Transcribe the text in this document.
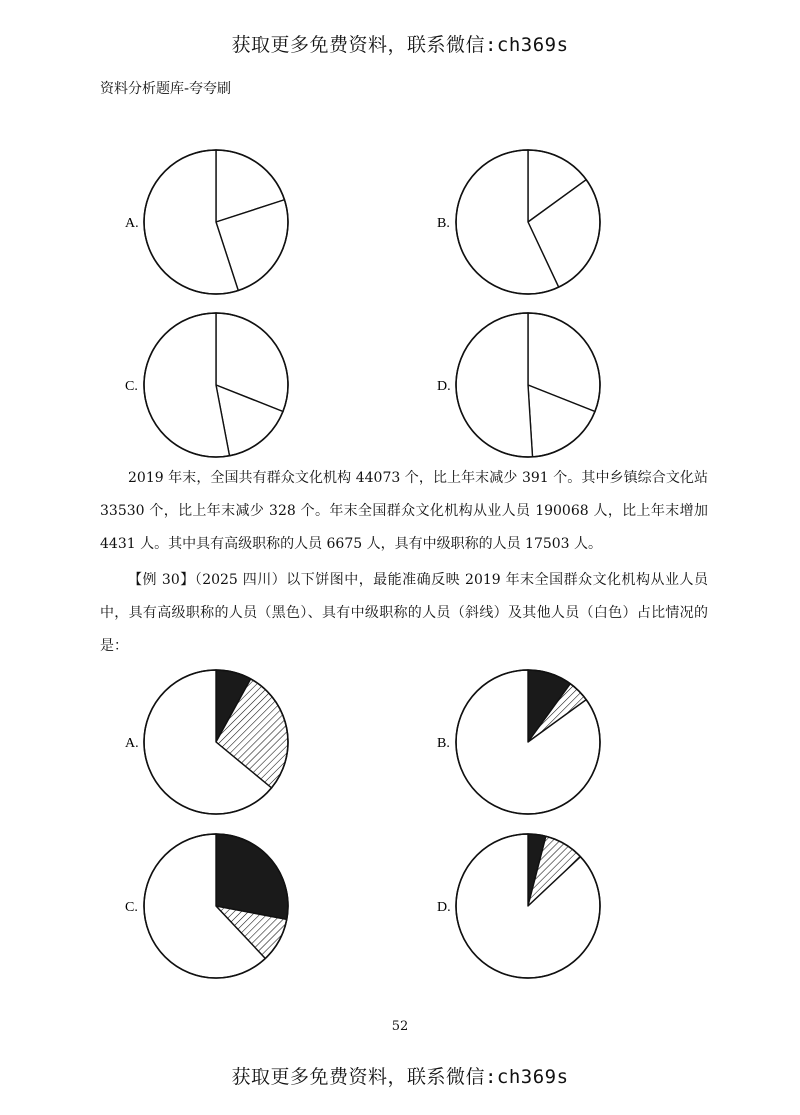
获取更多免费资料，联系微信:ch369s
资料分析题库-夸夸刷
A.	B.
C.	D.
A.	B.
C.	D.

2019 年末，全国共有群众文化机构 44073 个，比上年末减少 391 个。其中乡镇综合文化站 33530 个，比上年末减少 328 个。年末全国群众文化机构从业人员 190068 人，比上年末增加 4431 人。其中具有高级职称的人员 6675 人，具有中级职称的人员 17503 人。

【例 30】（2025 四川）以下饼图中，最能准确反映 2019 年末全国群众文化机构从业人员中，具有高级职称的人员（黑色）、具有中级职称的人员（斜线）及其他人员（白色）占比情况的是：

52
获取更多免费资料，联系微信:ch369s
